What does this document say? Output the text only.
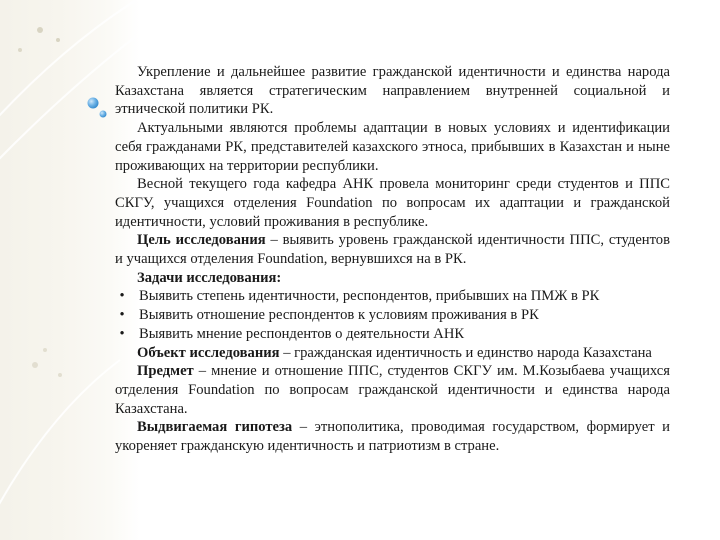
Укрепление и дальнейшее развитие гражданской идентичности и единства народа Казахстана является стратегическим направлением внутренней социальной и этнической политики РК.

Актуальными являются проблемы адаптации в новых условиях и идентификации себя гражданами РК, представителей казахского этноса, прибывших в Казахстан и ныне проживающих на территории республики.

Весной текущего года кафедра АНК провела мониторинг среди студентов и ППС СКГУ, учащихся отделения Foundation по вопросам их адаптации и гражданской идентичности, условий проживания в республике.

Цель исследования – выявить уровень гражданской идентичности ППС, студентов и учащихся отделения Foundation, вернувшихся на в РК.

Задачи исследования:

• Выявить степень идентичности, респондентов, прибывших на ПМЖ в РК

• Выявить отношение респондентов к условиям проживания в РК

• Выявить мнение респондентов о деятельности АНК

Объект исследования – гражданская идентичность и единство народа Казахстана

Предмет – мнение и отношение ППС, студентов СКГУ им. М.Козыбаева учащихся отделения Foundation по вопросам гражданской идентичности и единства народа Казахстана.

Выдвигаемая гипотеза – этнополитика, проводимая государством, формирует и укореняет гражданскую идентичность и патриотизм в стране.
